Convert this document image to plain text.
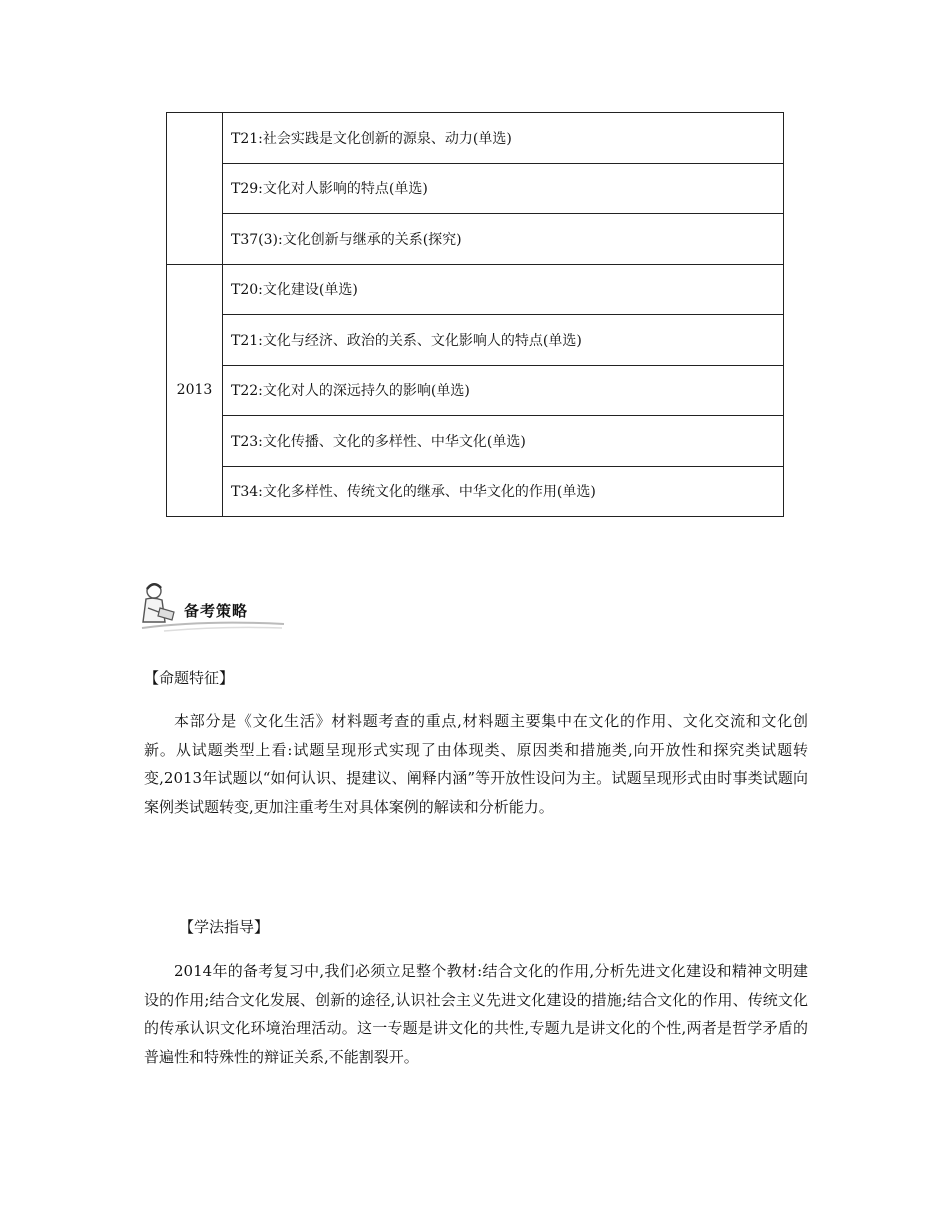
	T21:社会实践是文化创新的源泉、动力(单选)
	T29:文化对人影响的特点(单选)
	T37(3):文化创新与继承的关系(探究)
2013	T20:文化建设(单选)
	T21:文化与经济、政治的关系、文化影响人的特点(单选)
	T22:文化对人的深远持久的影响(单选)
	T23:文化传播、文化的多样性、中华文化(单选)
	T34:文化多样性、传统文化的继承、中华文化的作用(单选)
备考策略
【命题特征】

本部分是《文化生活》材料题考查的重点,材料题主要集中在文化的作用、文化交流和文化创新。从试题类型上看:试题呈现形式实现了由体现类、原因类和措施类,向开放性和探究类试题转变,2013年试题以“如何认识、提建议、阐释内涵”等开放性设问为主。试题呈现形式由时事类试题向案例类试题转变,更加注重考生对具体案例的解读和分析能力。

【学法指导】

2014年的备考复习中,我们必须立足整个教材:结合文化的作用,分析先进文化建设和精神文明建设的作用;结合文化发展、创新的途径,认识社会主义先进文化建设的措施;结合文化的作用、传统文化的传承认识文化环境治理活动。这一专题是讲文化的共性,专题九是讲文化的个性,两者是哲学矛盾的普遍性和特殊性的辩证关系,不能割裂开。
